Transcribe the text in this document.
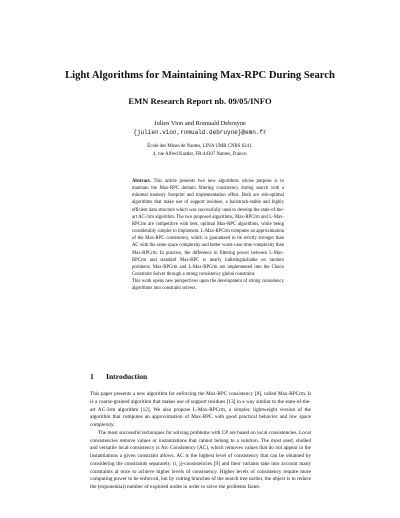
Light Algorithms for Maintaining Max-RPC During Search
EMN Research Report nb. 09/05/INFO
Julien Vion and Romuald Debruyne
{julien.vion,romuald.debruyne}@emn.fr
École des Mines de Nantes, LINA UMR CNRS 6241,
4, rue Alfred Kastler, FR-44307 Nantes, France.

Abstract. This article presents two new algorithms whose purpose is to maintain the Max-RPC domain filtering consistency during search with a minimal memory footprint and implementation effort. Both are sub-optimal algorithms that make use of support residues, a backtrack-stable and highly efficient data structure which was successfully used to develop the state-of-the-art AC-3rm algorithm. The two proposed algorithms, Max-RPCrm and L-Max-RPCrm are competitive with best, optimal Max-RPC algorithms, while being considerably simpler to implement. L-Max-RPCrm computes an approximation of the Max-RPC consistency, which is guaranteed to be strictly stronger than AC with the same space complexity and better worst-case time complexity than Max-RPCrm. In practice, the difference in filtering power between L-Max-RPCrm and standard Max-RPC is nearly indistinguishable on random problems. Max-RPCrm and L-Max-RPCrm are implemented into the Choco Constraint Solver through a strong consistency global constraint.

This work opens new perspectives upon the development of strong consistency algorithms into constraint solvers.

1 Introduction

This paper presents a new algorithm for enforcing the Max-RPC consistency [8], called Max-RPCrm. It is a coarse-grained algorithm that makes use of support residues [13] in a way similar to the state-of-the-art AC-3rm algorithm [12]. We also propose L-Max-RPCrm, a simpler, lightweight version of the algorithm that computes an approximation of Max-RPC with good practical behavior and low space complexity.

The most successful techniques for solving problems with CP are based on local consistencies. Local consistencies remove values or instantiations that cannot belong to a solution. The most used, studied and versatile local consistency is Arc Consistency (AC), which removes values that do not appear in the instantiations a given constraint allows. AC is the highest level of consistency that can be obtained by considering the constraints separately. (i, j)-consistencies [9] and their variants take into account many constraints at once to achieve higher levels of consistency. Higher levels of consistency require more computing power to be enforced, but by cutting branches of the search tree earlier, the object is to reduce the (exponential) number of explored nodes in order to solve the problems faster.
